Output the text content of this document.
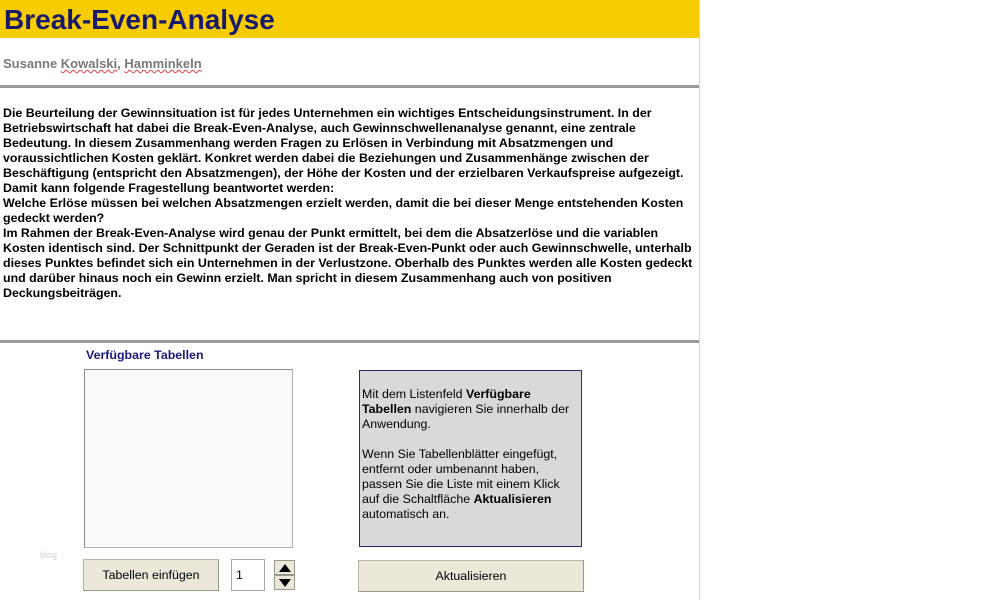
Break-Even-Analyse
Susanne Kowalski, Hamminkeln

Die Beurteilung der Gewinnsituation ist für jedes Unternehmen ein wichtiges Entscheidungsinstrument. In der Betriebswirtschaft hat dabei die Break-Even-Analyse, auch Gewinnschwellenanalyse genannt, eine zentrale Bedeutung. In diesem Zusammenhang werden Fragen zu Erlösen in Verbindung mit Absatzmengen und voraussichtlichen Kosten geklärt. Konkret werden dabei die Beziehungen und Zusammenhänge zwischen der Beschäftigung (entspricht den Absatzmengen), der Höhe der Kosten und der erzielbaren Verkaufspreise aufgezeigt. Damit kann folgende Fragestellung beantwortet werden:

Welche Erlöse müssen bei welchen Absatzmengen erzielt werden, damit die bei dieser Menge entstehenden Kosten gedeckt werden?

Im Rahmen der Break-Even-Analyse wird genau der Punkt ermittelt, bei dem die Absatzerlöse und die variablen Kosten identisch sind. Der Schnittpunkt der Geraden ist der Break-Even-Punkt oder auch Gewinnschwelle, unterhalb dieses Punktes befindet sich ein Unternehmen in der Verlustzone. Oberhalb des Punktes werden alle Kosten gedeckt und darüber hinaus noch ein Gewinn erzielt. Man spricht in diesem Zusammenhang auch von positiven Deckungsbeiträgen.

Verfügbare Tabellen

Mit dem Listenfeld Verfügbare Tabellen navigieren Sie innerhalb der Anwendung.

Wenn Sie Tabellenblätter eingefügt, entfernt oder umbenannt haben, passen Sie die Liste mit einem Klick auf die Schaltfläche Aktualisieren automatisch an.

Tabellen einfügen
1	Aktualisieren
blog
